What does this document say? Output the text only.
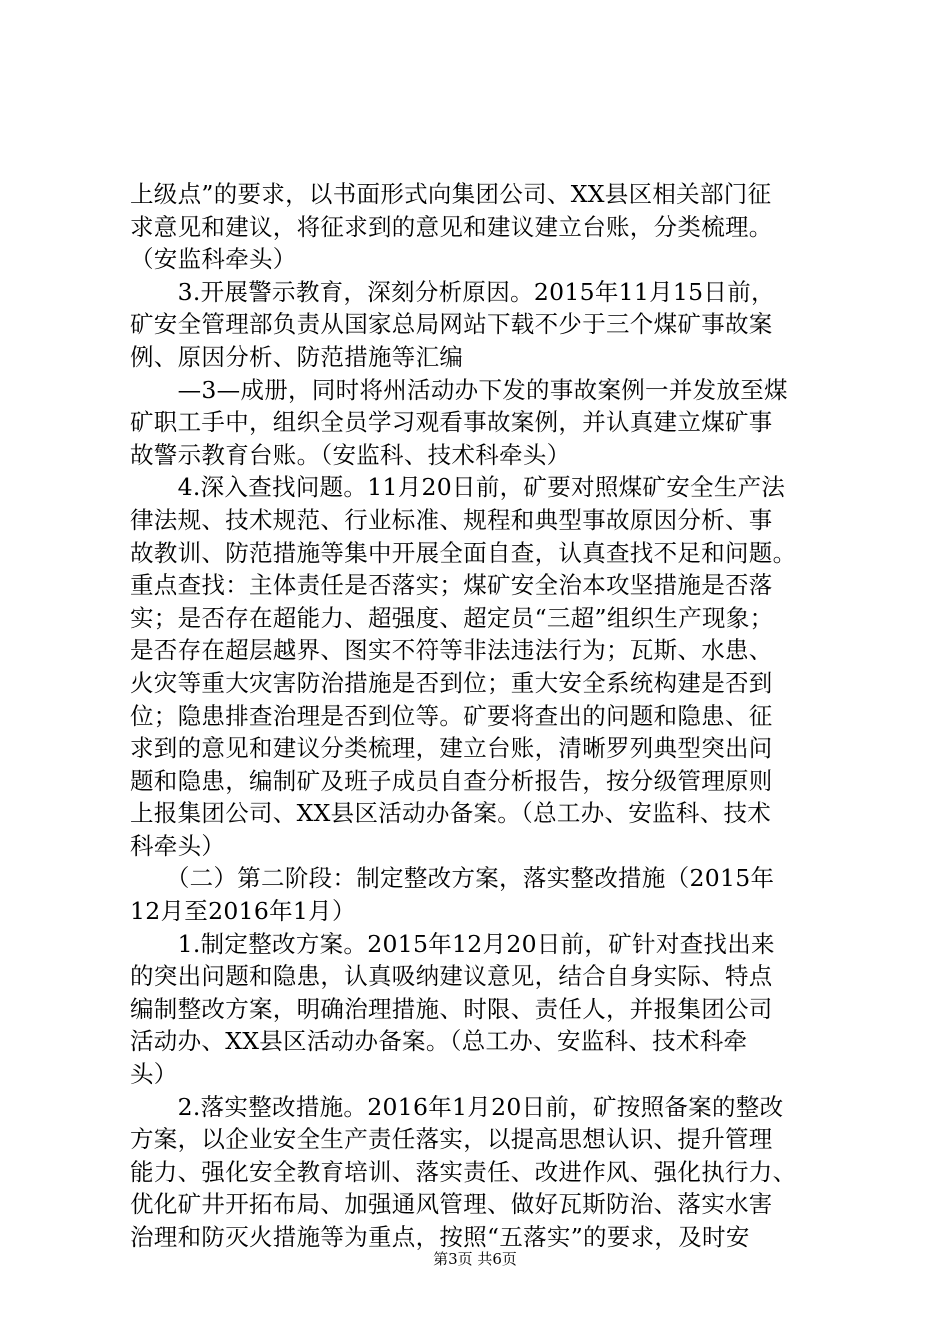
上级点”的要求，以书面形式向集团公司、XX县区相关部门征

求意见和建议，将征求到的意见和建议建立台账，分类梳理。

（安监科牵头）

　　3.开展警示教育，深刻分析原因。2015年11月15日前，

矿安全管理部负责从国家总局网站下载不少于三个煤矿事故案

例、原因分析、防范措施等汇编

　　—3—成册，同时将州活动办下发的事故案例一并发放至煤

矿职工手中，组织全员学习观看事故案例，并认真建立煤矿事

故警示教育台账。（安监科、技术科牵头）

　　4.深入查找问题。11月20日前，矿要对照煤矿安全生产法

律法规、技术规范、行业标准、规程和典型事故原因分析、事

故教训、防范措施等集中开展全面自查，认真查找不足和问题。

重点查找：主体责任是否落实；煤矿安全治本攻坚措施是否落

实；是否存在超能力、超强度、超定员“三超”组织生产现象；

是否存在超层越界、图实不符等非法违法行为；瓦斯、水患、

火灾等重大灾害防治措施是否到位；重大安全系统构建是否到

位；隐患排查治理是否到位等。矿要将查出的问题和隐患、征

求到的意见和建议分类梳理，建立台账，清晰罗列典型突出问

题和隐患，编制矿及班子成员自查分析报告，按分级管理原则

上报集团公司、XX县区活动办备案。（总工办、安监科、技术

科牵头）

　　（二）第二阶段：制定整改方案，落实整改措施（2015年

12月至2016年1月）

　　1.制定整改方案。2015年12月20日前，矿针对查找出来

的突出问题和隐患，认真吸纳建议意见，结合自身实际、特点

编制整改方案，明确治理措施、时限、责任人，并报集团公司

活动办、XX县区活动办备案。（总工办、安监科、技术科牵

头）

　　2.落实整改措施。2016年1月20日前，矿按照备案的整改

方案，以企业安全生产责任落实，以提高思想认识、提升管理

能力、强化安全教育培训、落实责任、改进作风、强化执行力、

优化矿井开拓布局、加强通风管理、做好瓦斯防治、落实水害

治理和防灭火措施等为重点，按照“五落实”的要求，及时安

第3页 共6页
